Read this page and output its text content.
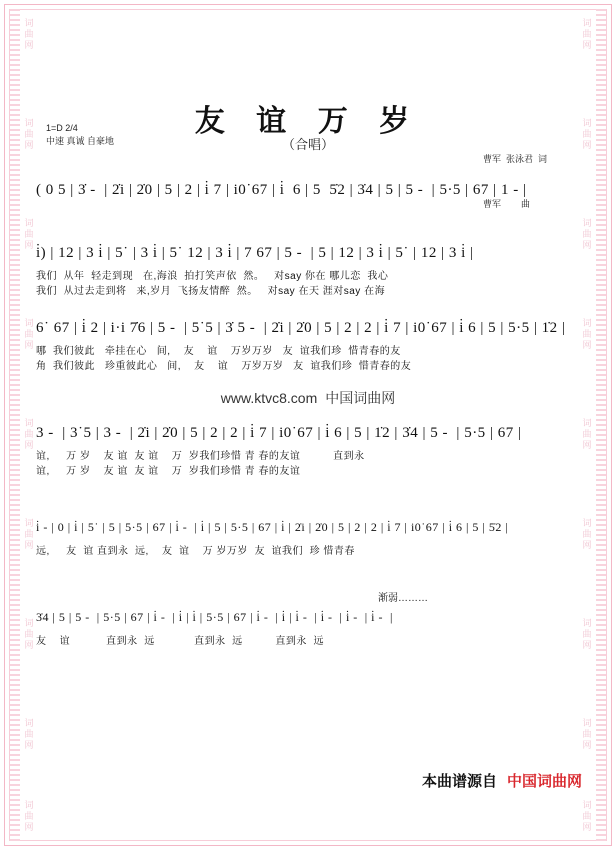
词曲网
词曲网
词曲网
词曲网
词曲网
词曲网
词曲网
词曲网
词曲网
词曲网
词曲网
词曲网
词曲网
词曲网
词曲网
词曲网
词曲网
词曲网
友 谊 万 岁
（合唱）
1=D 2/4
中速 真诚 自豪地

曹军  张泳君  词

曹军        曲

( 0 5 | 3̇ -  | 2̇i | 2̇0 | 5 | 2 | i̇ 7 | i0˙67 | i̇  6 | 5  5̇2 | 3̇4 | 5 | 5 -  | 5·5 | 67 | 1 - |
i̇) | 12 | 3 i̇ | 5˙ | 3 i̇ | 5˙ 12 | 3 i̇ | 7 67 | 5 -  | 5 | 12 | 3 i̇ | 5˙ | 12 | 3 i̇ |
我们  从年  轻走到现   在,海浪  拍打笑声依  然。   对say 你在 哪儿恋  我心
我们  从过去走到将   来,岁月  飞扬友情醉  然。   对say 在天 涯对say 在海
6˙ 67 | i̇ 2 | i·i 7̇6 | 5 -  | 5˙5 | 3̇ 5 -  | 2̇i | 2̇0 | 5 | 2 | 2 | i̇ 7 | i0˙67 | i̇ 6 | 5 | 5·5 | 1̇2 |
哪  我们彼此   牵挂在心   间,    友    谊    万岁万岁   友  谊我们珍  惜青春的友
角  我们彼此   珍重彼此心   间,    友    谊    万岁万岁   友  谊我们珍  惜青春的友
www.ktvc8.com 中国词曲网
3 -  | 3˙5 | 3 -  | 2̇i | 2̇0 | 5 | 2 | 2 | i̇ 7 | i0˙67 | i̇ 6 | 5 | 1̇2 | 3̇4 | 5 -  | 5·5 | 67 |
谊,     万 岁    友 谊  友 谊    万  岁我们珍惜 青 春的友谊          直到永
谊,     万 岁    友 谊  友 谊    万  岁我们珍惜 青 春的友谊
i̇ - | 0 | i̇ | 5˙ | 5 | 5·5 | 67 | i̇ -  | i̇ | 5 | 5·5 | 67 | i̇ | 2̇i | 2̇0 | 5 | 2 | 2 | i̇ 7 | i0˙67 | i̇ 6 | 5 | 5̇2 |
远,     友  谊 直到永  远,    友  谊    万 岁万岁  友  谊我们  珍 惜青春
渐弱………
3̇4 | 5 | 5 -  | 5·5 | 67 | i̇ -  | i̇ | i̇ | 5·5 | 67 | i̇ -  | i̇ | i̇ -  | i̇ -  | i̇ -  | i̇ -  |
友    谊           直到永  远            直到永  远          直到永  远
本曲谱源自 中国词曲网
